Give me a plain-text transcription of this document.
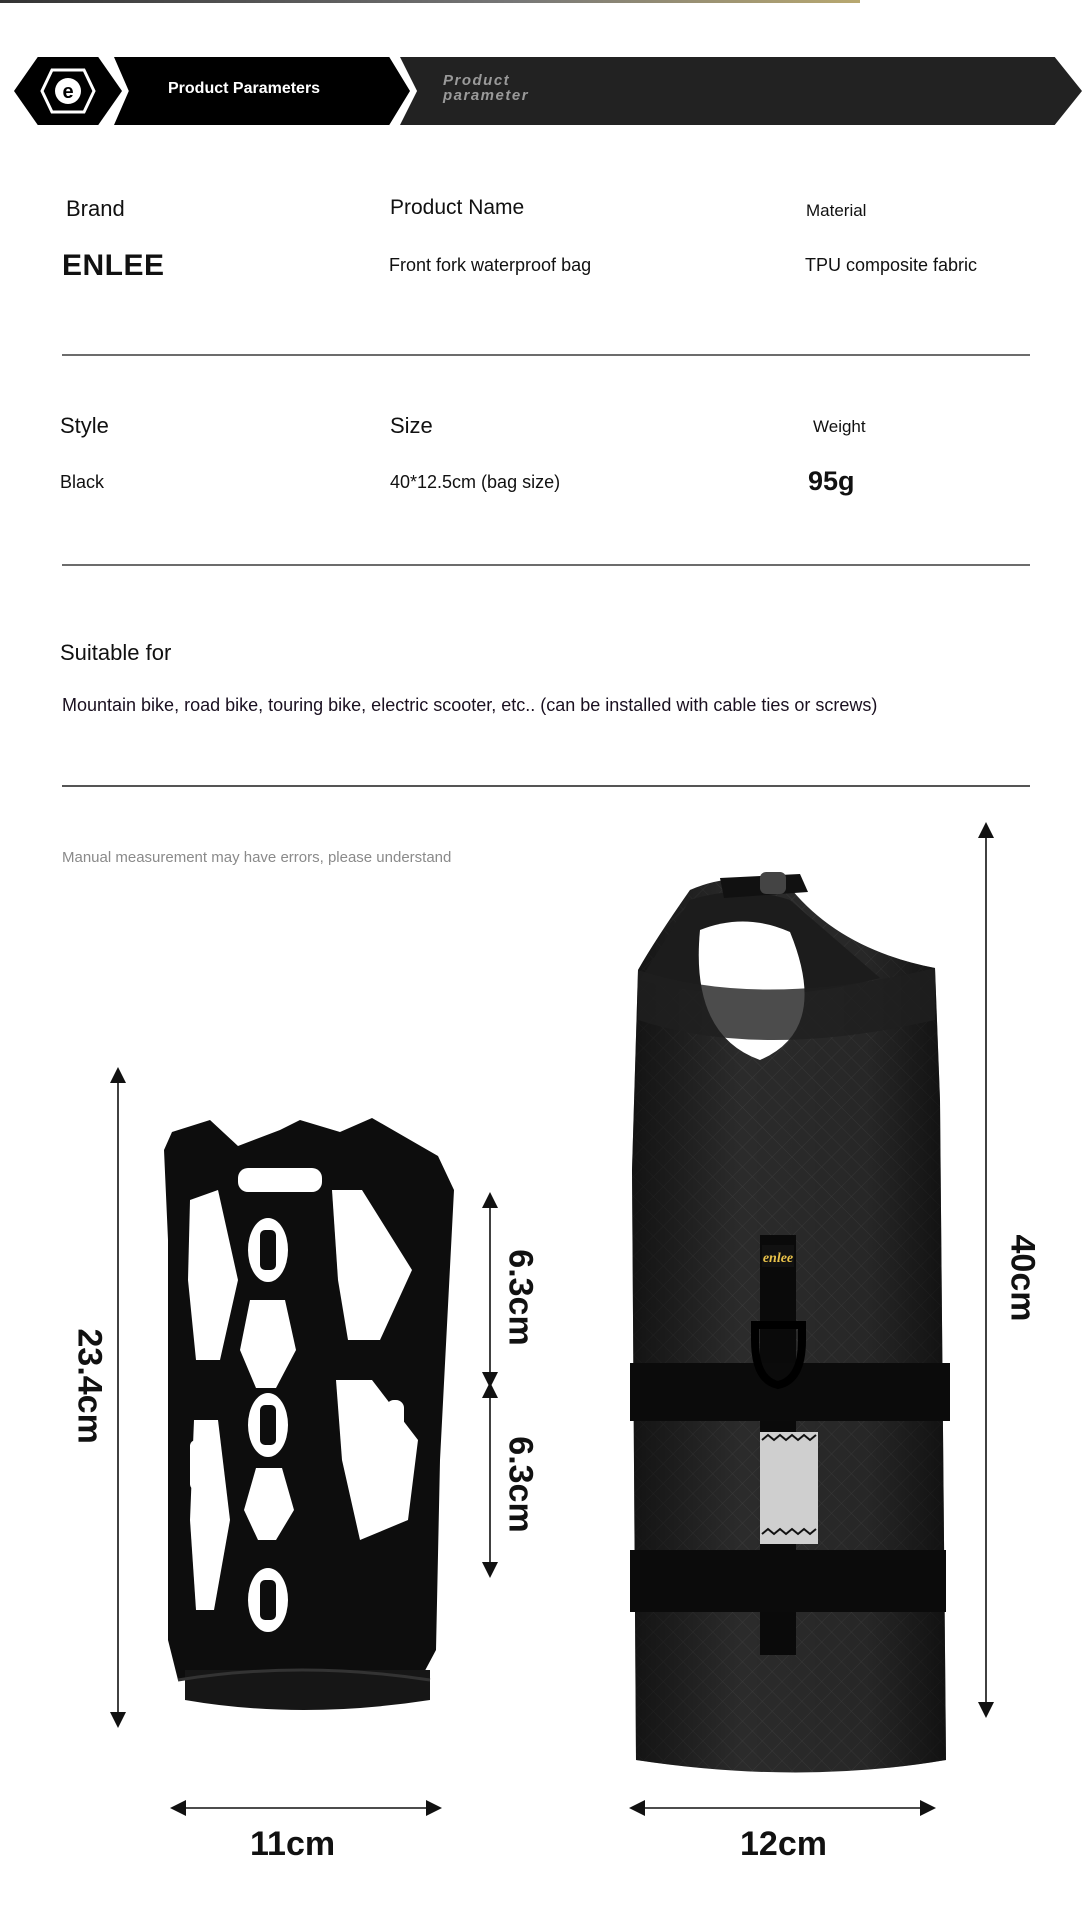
e	Product Parameters	Product
parameter
Brand
ENLEE
Product Name
Front fork waterproof bag
Material
TPU composite fabric
Style
Black
Size
40*12.5cm (bag size)
Weight
95g
Suitable for
Mountain bike, road bike, touring bike, electric scooter, etc.. (can be installed with cable ties or screws)
Manual measurement may have errors, please understand
enlee
23.4cm
11cm
6.3cm
6.3cm
40cm
12cm
